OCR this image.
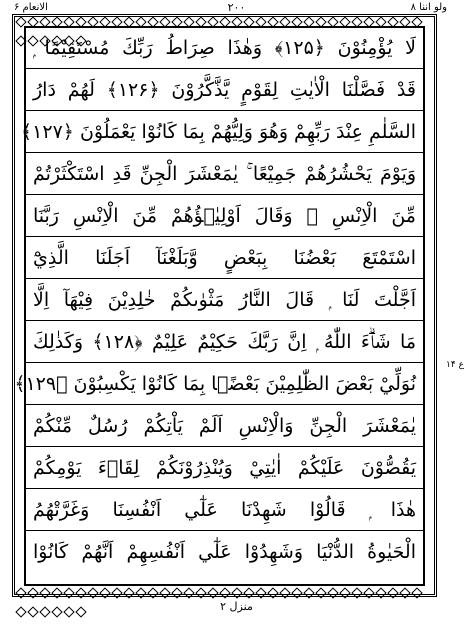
الانعام ۶	۲۰۰	ولو اننا ۸
لَا يُؤْمِنُوْنَ ﴿۱۲۵﴾ وَهٰذَا صِرَاطُ رَبِّكَ مُسْتَقِيْمًا ۭ
قَدْ فَصَّلْنَا الْاٰيٰتِ لِقَوْمٍ يَّذَّكَّرُوْنَ ﴿۱۲۶﴾ لَهُمْ دَارُ
السَّلٰمِ عِنْدَ رَبِّهِمْ وَهُوَ وَلِيُّهُمْ بِمَا كَانُوْا يَعْمَلُوْنَ ﴿۱۲۷﴾
وَيَوْمَ يَحْشُرُهُمْ جَمِيْعًا ۚ يٰمَعْشَرَ الْجِنِّ قَدِ اسْتَكْثَرْتُمْ
مِّنَ الْاِنْسِ ۚ وَقَالَ اَوْلِيٰۗؤُهُمْ مِّنَ الْاِنْسِ رَبَّنَا
اسْتَمْتَعَ بَعْضُنَا بِبَعْضٍ وَّبَلَغْنَآ اَجَلَنَا الَّذِيْٓ
اَجَّلْتَ لَنَا ۭ قَالَ النَّارُ مَثْوٰىكُمْ خٰلِدِيْنَ فِيْهَآ اِلَّا
مَا شَاۗءَ اللّٰهُ ۭ اِنَّ رَبَّكَ حَكِيْمٌ عَلِيْمٌ ﴿۱۲۸﴾ وَكَذٰلِكَ
نُوَلِّيْ بَعْضَ الظّٰلِمِيْنَ بَعْضًۢا بِمَا كَانُوْا يَكْسِبُوْنَ ﴿۱۲۹﴾
يٰمَعْشَرَ الْجِنِّ وَالْاِنْسِ اَلَمْ يَاْتِكُمْ رُسُلٌ مِّنْكُمْ
يَقُصُّوْنَ عَلَيْكُمْ اٰيٰتِيْ وَيُنْذِرُوْنَكُمْ لِقَاۗءَ يَوْمِكُمْ
هٰذَا ۭ قَالُوْا شَهِدْنَا عَلٰٓي اَنْفُسِنَا وَغَرَّتْهُمُ
الْحَيٰوةُ الدُّنْيَا وَشَهِدُوْا عَلٰٓي اَنْفُسِهِمْ اَنَّهُمْ كَانُوْا
ع ۱۴
منزل ۲
